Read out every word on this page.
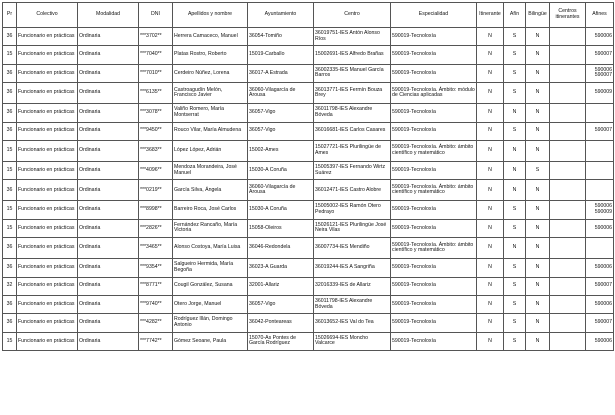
Pr	Colectivo	Modalidad	DNI	Apellidos y nombre	Ayuntamiento	Centro	Especialidad	Itinerante	Afín	Bilingüe	Centros itinerantes	Afines
36	Funcionario en prácticas	Ordinaria	***3702**	Herrera Camaceco, Manuel	36054-Tomiño	36019751-IES Antón Alonso Ríos	590019-Tecnoloxía	N	S	N		590006
15	Funcionario en prácticas	Ordinaria	***7040**	Platas Rostro, Roberto	15019-Carballo	15002691-IES Alfredo Brañas	590019-Tecnoloxía	N	S	N		590007
36	Funcionario en prácticas	Ordinaria	***7010**	Cerdeiro Núñez, Lorena	36017-A Estrada	36002335-IES Manuel García Barros	590019-Tecnoloxía	N	S	N		590006 590007
36	Funcionario en prácticas	Ordinaria	***6135**	Castroagudín Melón, Francisco Javier	36060-Vilagarcía de Arousa	36013771-IES Fermín Bouza Brey	590019-Tecnoloxía. Ámbito: módulo de Ciencias aplicadas	N	S	N		590009
36	Funcionario en prácticas	Ordinaria	***3078**	Valiño Romero, María Montserrat	36057-Vigo	36011798-IES Alexandre Bóveda	590019-Tecnoloxía	N	N	N		
36	Funcionario en prácticas	Ordinaria	***9450**	Rouco Vilar, María Almudena	36057-Vigo	36016681-IES Carlos Casares	590019-Tecnoloxía	N	S	N		590007
15	Funcionario en prácticas	Ordinaria	***3683**	López López, Adrián	15002-Ames	15027721-IES Plurilingüe de Ames	590019-Tecnoloxía. Ámbito: ámbito científico y matemático	N	N	N		
15	Funcionario en prácticas	Ordinaria	***4096**	Mendoza Morandeira, José Manuel	15030-A Coruña	15005397-IES Fernando Wirtz Suárez	590019-Tecnoloxía	N	N	S		
36	Funcionario en prácticas	Ordinaria	***0219**	García Silva, Ángela	36060-Vilagarcía de Arousa	36012471-IES Castro Alobre	590019-Tecnoloxía. Ámbito: ámbito científico y matemático	N	N	N		
15	Funcionario en prácticas	Ordinaria	***8998**	Barreiro Roca, José Carlos	15030-A Coruña	15005002-IES Ramón Otero Pedrayo	590019-Tecnoloxía	N	S	N		590006 590009
15	Funcionario en prácticas	Ordinaria	***2826**	Fernández Rancaño, María Victoria	15058-Oleiros	15026121-IES Plurilingüe José Neira Vilas	590019-Tecnoloxía	N	S	N		590006
36	Funcionario en prácticas	Ordinaria	***3465**	Alonso Costoya, María Luisa	36046-Redondela	36007734-IES Mendiño	590019-Tecnoloxía. Ámbito: ámbito científico y matemático	N	N	N		
36	Funcionario en prácticas	Ordinaria	***9354**	Salgueiro Hermida, María Begoña	36023-A Guarda	36019244-IES A Sangriña	590019-Tecnoloxía	N	S	N		590006
32	Funcionario en prácticas	Ordinaria	***8771**	Cougil González, Susana	32001-Allariz	32016339-IES de Allariz	590019-Tecnoloxía	N	S	N		590007
36	Funcionario en prácticas	Ordinaria	***9740**	Otero Jorge, Manuel	36057-Vigo	36011798-IES Alexandre Bóveda	590019-Tecnoloxía	N	S	N		590006
36	Funcionario en prácticas	Ordinaria	***4282**	Rodríguez Illán, Domingo Antonio	36042-Ponteareas	36013652-IES Val do Tea	590019-Tecnoloxía	N	S	N		590007
15	Funcionario en prácticas	Ordinaria	***7742**	Gómez Seoane, Paula	15070-As Pontes de García Rodríguez	15026694-IES Moncho Valcarce	590019-Tecnoloxía	N	S	N		590006
